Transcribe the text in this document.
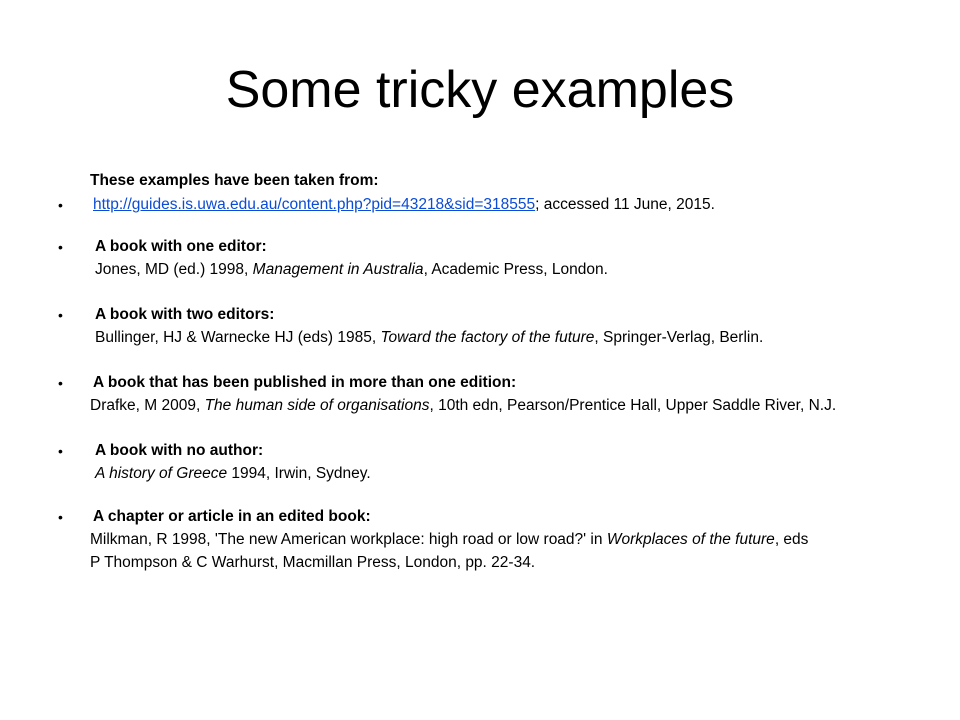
Some tricky examples
These examples have been taken from:
• http://guides.is.uwa.edu.au/content.php?pid=43218&sid=318555; accessed 11 June, 2015.
• A book with one editor:
Jones, MD (ed.) 1998, Management in Australia, Academic Press, London.
• A book with two editors:
Bullinger, HJ & Warnecke HJ (eds) 1985, Toward the factory of the future, Springer-Verlag, Berlin.
• A book that has been published in more than one edition:
Drafke, M 2009, The human side of organisations, 10th edn, Pearson/Prentice Hall, Upper Saddle River, N.J.
• A book with no author:
A history of Greece 1994, Irwin, Sydney.
• A chapter or article in an edited book:
Milkman, R 1998, 'The new American workplace: high road or low road?' in Workplaces of the future, eds
P Thompson & C Warhurst, Macmillan Press, London, pp. 22-34.
